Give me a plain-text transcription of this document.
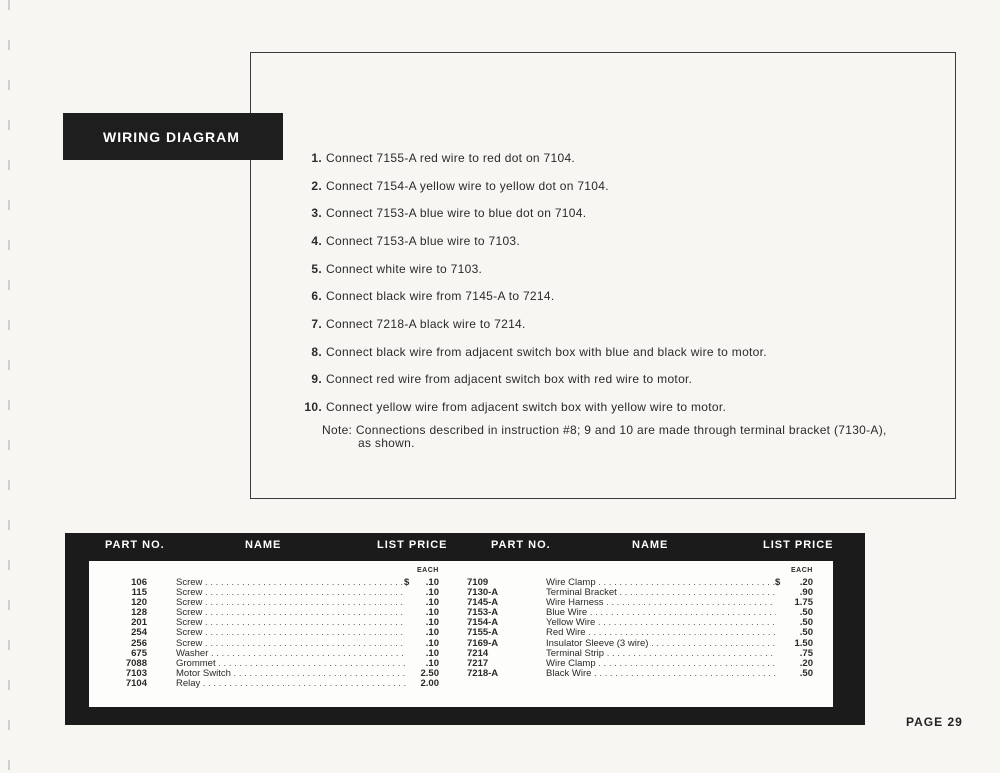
WIRING DIAGRAM
1. Connect 7155-A red wire to red dot on 7104.
2. Connect 7154-A yellow wire to yellow dot on 7104.
3. Connect 7153-A blue wire to blue dot on 7104.
4. Connect 7153-A blue wire to 7103.
5. Connect white wire to 7103.
6. Connect black wire from 7145-A to 7214.
7. Connect 7218-A black wire to 7214.
8. Connect black wire from adjacent switch box with blue and black wire to motor.
9. Connect red wire from adjacent switch box with red wire to motor.
10. Connect yellow wire from adjacent switch box with yellow wire to motor.
Note: Connections described in instruction #8; 9 and 10 are made through terminal bracket (7130-A),
as shown.
PART NO.	NAME	LIST PRICE	PART NO.	NAME	LIST PRICE
EACH
106	Screw . . .	.10
$
115	Screw . . .	.10
120	Screw . . .	.10
128	Screw . . .	.10
201	Screw . . .	.10
254	Screw . . .	.10
256	Screw . . .	.10
675	Washer . . .	.10
7088	Grommet . . .	.10
7103	Motor Switch . . .	2.50
7104	Relay . . .	2.00
EACH
7109	Wire Clamp . . .	.20
$
7130-A	Terminal Bracket . . .	.90
7145-A	Wire Harness . . .	1.75
7153-A	Blue Wire . . .	.50
7154-A	Yellow Wire . . .	.50
7155-A	Red Wire . . .	.50
7169-A	Insulator Sleeve (3 wire) . . .	1.50
7214	Terminal Strip . . .	.75
7217	Wire Clamp . . .	.20
7218-A	Black Wire . . .	.50
PAGE 29
